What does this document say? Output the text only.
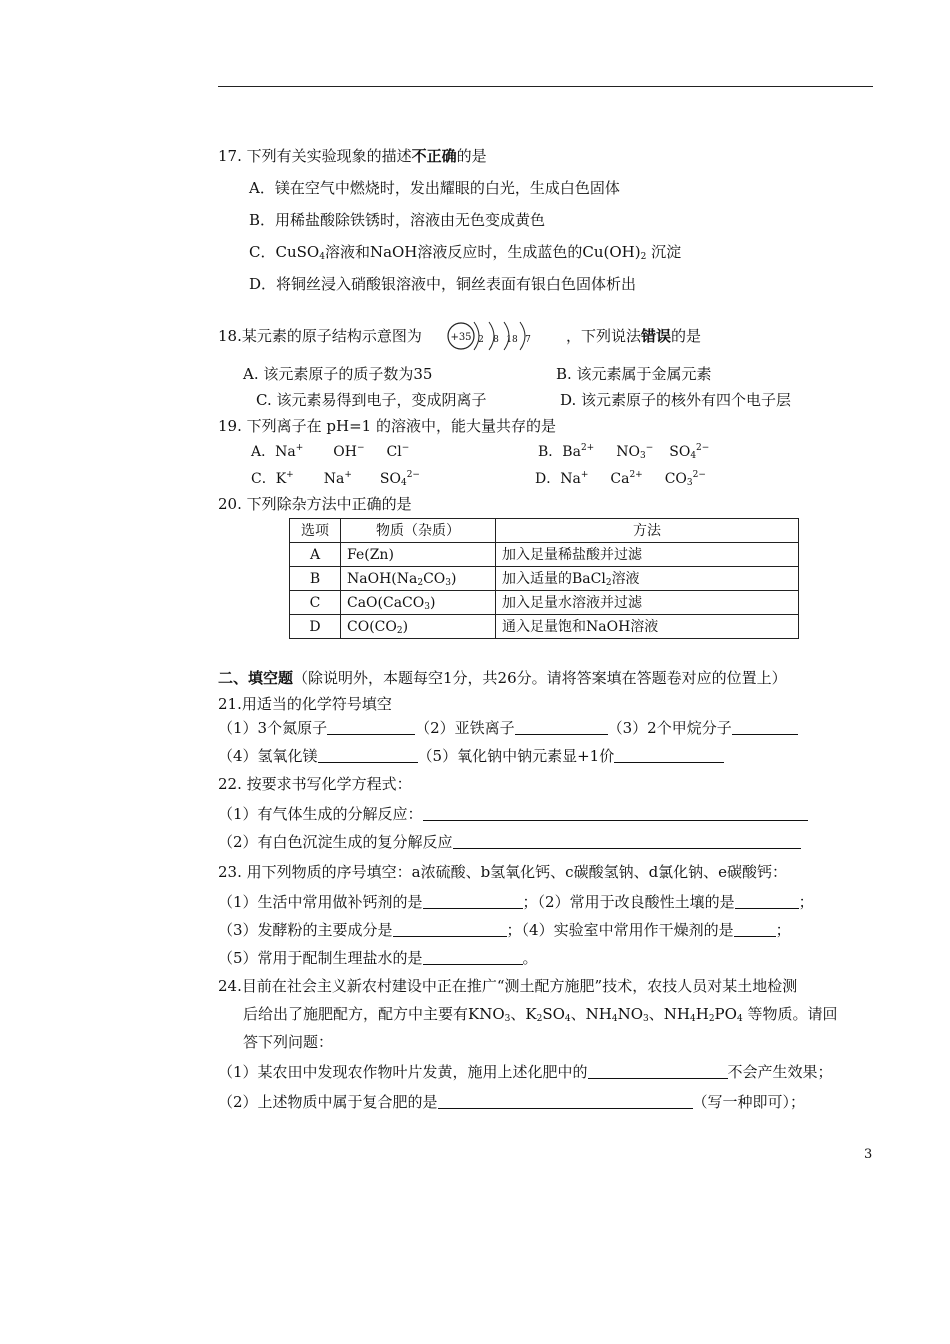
17. 下列有关实验现象的描述不正确的是
A．镁在空气中燃烧时，发出耀眼的白光，生成白色固体
B．用稀盐酸除铁锈时，溶液由无色变成黄色
C．CuSO$_4$溶液和NaOH溶液反应时，生成蓝色的$Cu(OH)_2$ 沉淀
D．将铜丝浸入硝酸银溶液中，铜丝表面有银白色固体析出
18.某元素的原子结构示意图为	+35 2 8 18 7 ，下列说法错误的是
A. 该元素原子的质子数为35	B. 该元素属于金属元素
C. 该元素易得到电子，变成阴离子	D. 该元素原子的核外有四个电子层
19. 下列离子在 pH=1 的溶液中，能大量共存的是
A．Na+ OH− Cl−	B．$Ba^{2+}$ $NO_3^-$ $SO_4^{2-}$
C．K+ Na+ $SO_4^{2-}$	D．Na+ $Ca^{2+}$ $CO_3^{2-}$
20. 下列除杂方法中正确的是
选项	物质（杂质）	方法
A	Fe(Zn)	加入足量稀盐酸并过滤
B	$NaOH(Na_2CO_3)$	加入适量的BaCl$_2$溶液
C	CaO(CaCO$_3$)	加入足量水溶液并过滤
D	$CO(CO_2)$	通入足量饱和NaOH溶液
二、填空题（除说明外，本题每空1分，共26分。请将答案填在答题卷对应的位置上）
21.用适当的化学符号填空
（1）3个氮原子	（2）亚铁离子	（3）2个甲烷分子
（4）氢氧化镁	（5）氧化钠中钠元素显+1价
22. 按要求书写化学方程式：
（1）有气体生成的分解反应：
（2）有白色沉淀生成的复分解反应
23. 用下列物质的序号填空：a浓硫酸、b氢氧化钙、c碳酸氢钠、d氯化钠、e碳酸钙：
（1）生活中常用做补钙剂的是	；（2）常用于改良酸性土壤的是	；
（3）发酵粉的主要成分是	；（4）实验室中常用作干燥剂的是	；
（5）常用于配制生理盐水的是	。
24.目前在社会主义新农村建设中正在推广“测土配方施肥”技术，农技人员对某土地检测
后给出了施肥配方，配方中主要有$KNO_3$、$K_2SO_4$、$NH_4NO_3$、$NH_4H_2PO_4$ 等物质。请回
答下列问题：
（1）某农田中发现农作物叶片发黄，施用上述化肥中的	不会产生效果；
（2）上述物质中属于复合肥的是	（写一种即可）；
3
